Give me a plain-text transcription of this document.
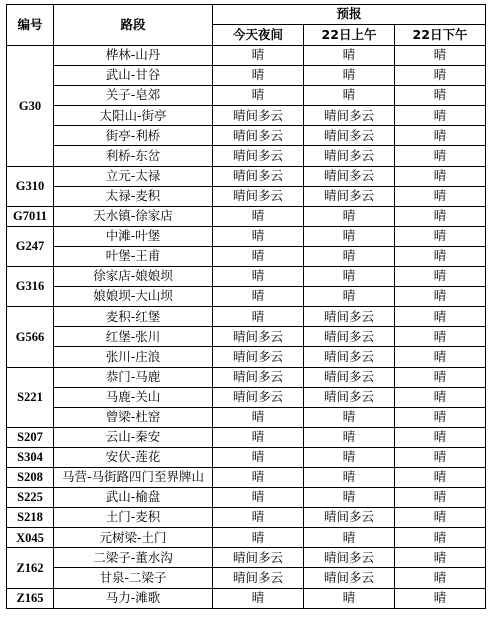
编号	路段	预报		
		今天夜间	22日上午	22日下午
G30	桦林-山丹	晴	晴	晴
	武山-甘谷	晴	晴	晴
	关子-皂郊	晴	晴	晴
	太阳山-街亭	晴间多云	晴间多云	晴
	街亭-利桥	晴间多云	晴间多云	晴
	利桥-东岔	晴间多云	晴间多云	晴
G310	立元-太禄	晴间多云	晴间多云	晴
	太禄-麦积	晴间多云	晴间多云	晴
G7011	天水镇-徐家店	晴	晴	晴
G247	中滩-叶堡	晴	晴	晴
	叶堡-王甫	晴	晴	晴
G316	徐家店-娘娘坝	晴	晴	晴
	娘娘坝-大山坝	晴	晴	晴
G566	麦积-红堡	晴	晴间多云	晴
	红堡-张川	晴间多云	晴间多云	晴
	张川-庄浪	晴间多云	晴间多云	晴
S221	恭门-马鹿	晴间多云	晴间多云	晴
	马鹿-关山	晴间多云	晴间多云	晴
	曾梁-杜窑	晴	晴	晴
S207	云山-秦安	晴	晴	晴
S304	安伏-莲花	晴	晴	晴
S208	马营-马街路四门至界牌山	晴	晴	晴
S225	武山-榆盘	晴	晴	晴
S218	土门-麦积	晴	晴间多云	晴
X045	元树梁-土门	晴	晴	晴
Z162	二梁子-董水沟	晴间多云	晴间多云	晴
	甘泉-二梁子	晴间多云	晴间多云	晴
Z165	马力-滩歌	晴	晴	晴
